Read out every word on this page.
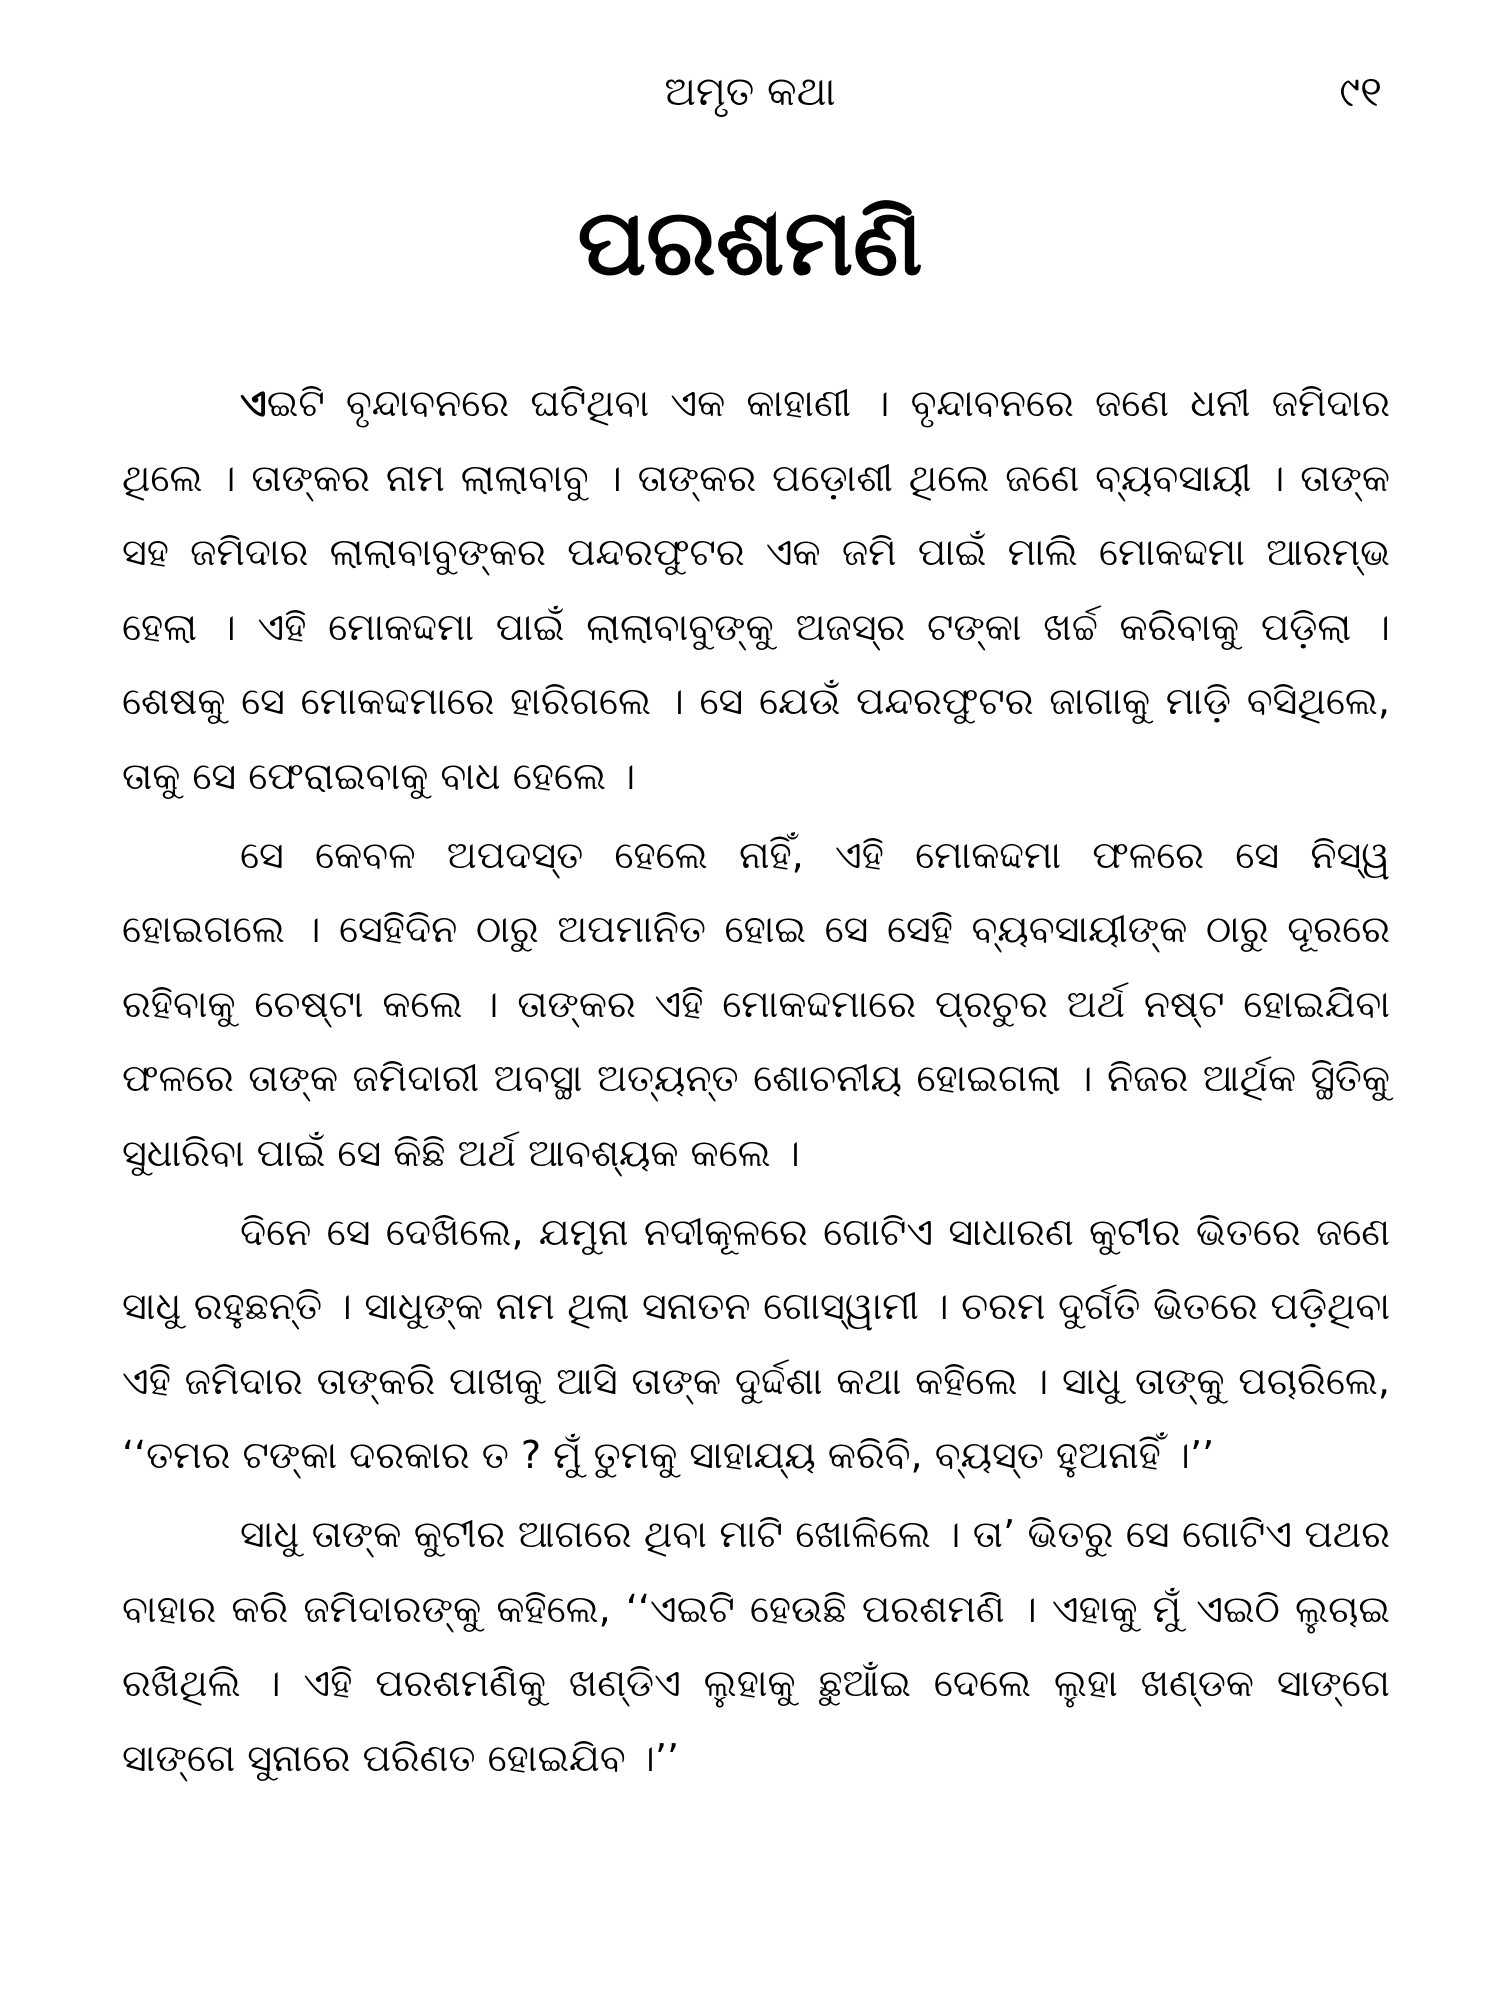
ଅମୃତ କଥା	୯୧
ପରଶମଣି

ଏଇଟି ବୃନ୍ଦାବନରେ ଘଟିଥିବା ଏକ କାହାଣୀ । ବୃନ୍ଦାବନରେ ଜଣେ ଧନୀ ଜମିଦାର ଥିଲେ । ତାଙ୍କର ନାମ ଲାଲାବାବୁ । ତାଙ୍କର ପଡ଼ୋଶୀ ଥିଲେ ଜଣେ ବ୍ୟବସାୟୀ । ତାଙ୍କ ସହ ଜମିଦାର ଲାଲାବାବୁଙ୍କର ପନ୍ଦରଫୁଟର ଏକ ଜମି ପାଇଁ ମାଲି ମୋକଦ୍ଦମା ଆରମ୍ଭ ହେଲା । ଏହି ମୋକଦ୍ଦମା ପାଇଁ ଲାଲାବାବୁଙ୍କୁ ଅଜସ୍ର ଟଙ୍କା ଖର୍ଚ୍ଚ କରିବାକୁ ପଡ଼ିଲା । ଶେଷକୁ ସେ ମୋକଦ୍ଦମାରେ ହାରିଗଲେ । ସେ ଯେଉଁ ପନ୍ଦରଫୁଟର ଜାଗାକୁ ମାଡ଼ି ବସିଥିଲେ, ତାକୁ ସେ ଫେରାଇବାକୁ ବାଧ ହେଲେ ।

ସେ କେବଳ ଅପଦସ୍ତ ହେଲେ ନାହିଁ, ଏହି ମୋକଦ୍ଦମା ଫଳରେ ସେ ନିସ୍ୱ ହୋଇଗଲେ । ସେହିଦିନ ଠାରୁ ଅପମାନିତ ହୋଇ ସେ ସେହି ବ୍ୟବସାୟୀଙ୍କ ଠାରୁ ଦୂରରେ ରହିବାକୁ ଚେଷ୍ଟା କଲେ । ତାଙ୍କର ଏହି ମୋକଦ୍ଦମାରେ ପ୍ରଚୁର ଅର୍ଥ ନଷ୍ଟ ହୋଇଯିବା ଫଳରେ ତାଙ୍କ ଜମିଦାରୀ ଅବସ୍ଥା ଅତ୍ୟନ୍ତ ଶୋଚନୀୟ ହୋଇଗଲା । ନିଜର ଆର୍ଥିକ ସ୍ଥିତିକୁ ସୁଧାରିବା ପାଇଁ ସେ କିଛି ଅର୍ଥ ଆବଶ୍ୟକ କଲେ ।

ଦିନେ ସେ ଦେଖିଲେ, ଯମୁନା ନଦୀକୂଳରେ ଗୋଟିଏ ସାଧାରଣ କୁଟୀର ଭିତରେ ଜଣେ ସାଧୁ ରହୁଛନ୍ତି । ସାଧୁଙ୍କ ନାମ ଥିଲା ସନାତନ ଗୋସ୍ୱାମୀ । ଚରମ ଦୁର୍ଗତି ଭିତରେ ପଡ଼ିଥିବା ଏହି ଜମିଦାର ତାଙ୍କରି ପାଖକୁ ଆସି ତାଙ୍କ ଦୁର୍ଦ୍ଦଶା କଥା କହିଲେ । ସାଧୁ ତାଙ୍କୁ ପଚାରିଲେ, ‘‘ତମର ଟଙ୍କା ଦରକାର ତ ? ମୁଁ ତୁମକୁ ସାହାଯ୍ୟ କରିବି, ବ୍ୟସ୍ତ ହୁଅନାହିଁ ।’’

ସାଧୁ ତାଙ୍କ କୁଟୀର ଆଗରେ ଥିବା ମାଟି ଖୋଳିଲେ । ତା’ ଭିତରୁ ସେ ଗୋଟିଏ ପଥର ବାହାର କରି ଜମିଦାରଙ୍କୁ କହିଲେ, ‘‘ଏଇଟି ହେଉଛି ପରଶମଣି । ଏହାକୁ ମୁଁ ଏଇଠି ଲୁଚାଇ ରଖିଥିଲି । ଏହି ପରଶମଣିକୁ ଖଣ୍ଡିଏ ଲୁହାକୁ ଛୁଆଁଇ ଦେଲେ ଲୁହା ଖଣ୍ଡକ ସାଙ୍ଗେ ସାଙ୍ଗେ ସୁନାରେ ପରିଣତ ହୋଇଯିବ ।’’
